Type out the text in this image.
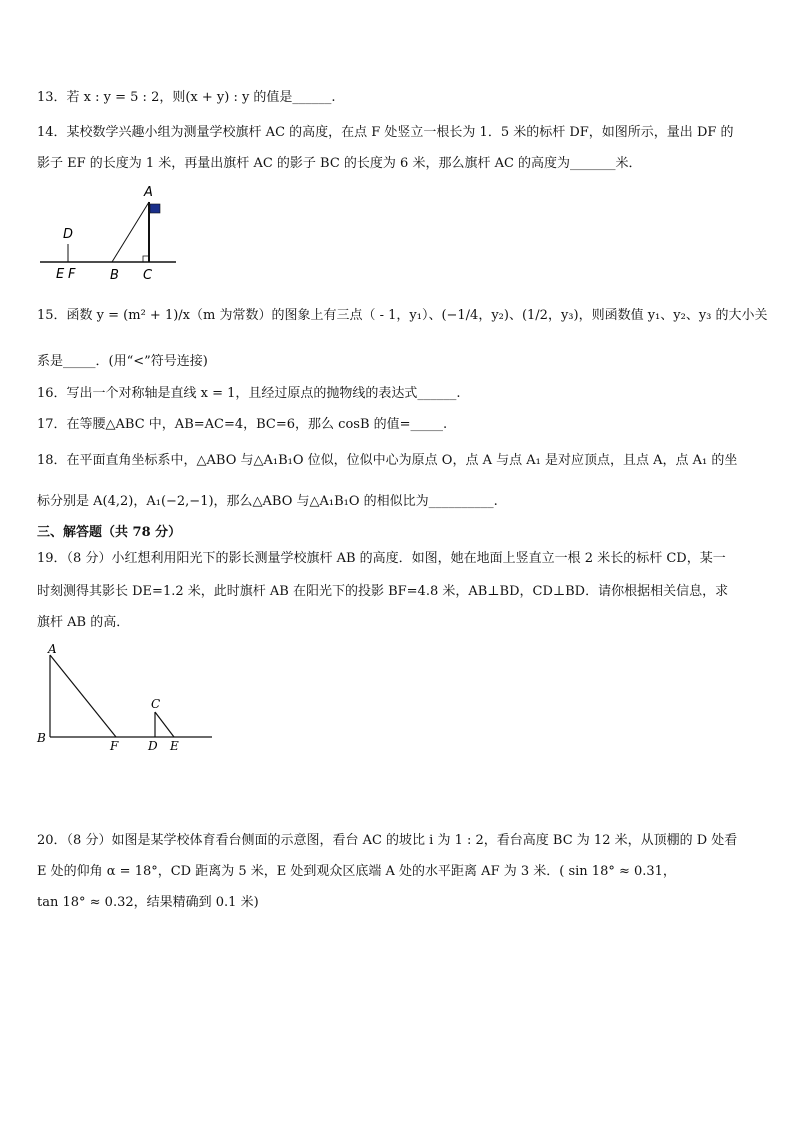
13．若 x : y = 5 : 2，则(x + y) : y 的值是______.
14．某校数学兴趣小组为测量学校旗杆 AC 的高度，在点 F 处竖立一根长为 1．5 米的标杆 DF，如图所示，量出 DF 的
影子 EF 的长度为 1 米，再量出旗杆 AC 的影子 BC 的长度为 6 米，那么旗杆 AC 的高度为_______米．
A
D
E F	B C
15．函数 y = (m² + 1)/x（m 为常数）的图象上有三点（ - 1，y₁）、(−1/4，y₂)、(1/2，y₃)，则函数值 y₁、y₂、y₃ 的大小关
系是_____．(用“<”符号连接)
16．写出一个对称轴是直线 x = 1，且经过原点的抛物线的表达式______.
17．在等腰△ABC 中，AB=AC=4，BC=6，那么 cosB 的值=_____.
18．在平面直角坐标系中，△ABO 与△A₁B₁O 位似，位似中心为原点 O，点 A 与点 A₁ 是对应顶点，且点 A，点 A₁ 的坐
标分别是 A(4,2)，A₁(−2,−1)，那么△ABO 与△A₁B₁O 的相似比为__________.
三、解答题（共 78 分）
19．（8 分）小红想利用阳光下的影长测量学校旗杆 AB 的高度．如图，她在地面上竖直立一根 2 米长的标杆 CD，某一
时刻测得其影长 DE=1.2 米，此时旗杆 AB 在阳光下的投影 BF=4.8 米，AB⊥BD，CD⊥BD．请你根据相关信息，求
旗杆 AB 的高．
A
B
F
C
D E
20．（8 分）如图是某学校体育看台侧面的示意图，看台 AC 的坡比 i 为 1 : 2，看台高度 BC 为 12 米，从顶棚的 D 处看
E 处的仰角 α = 18°，CD 距离为 5 米，E 处到观众区底端 A 处的水平距离 AF 为 3 米．( sin 18° ≈ 0.31，
tan 18° ≈ 0.32，结果精确到 0.1 米)
